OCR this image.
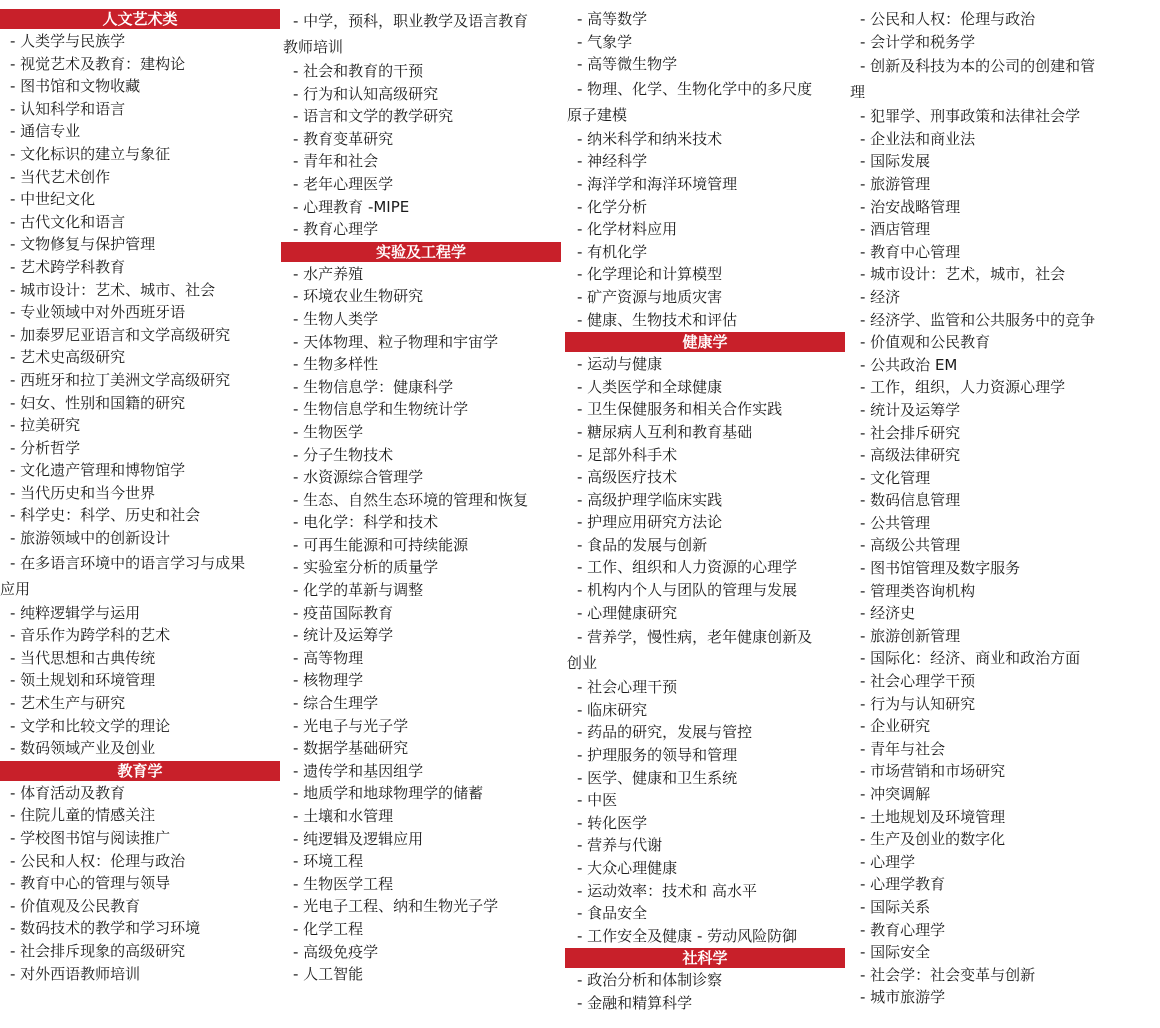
人文艺术类
- 人类学与民族学
- 视觉艺术及教育：建构论
- 图书馆和文物收藏
- 认知科学和语言
- 通信专业
- 文化标识的建立与象征
- 当代艺术创作
- 中世纪文化
- 古代文化和语言
- 文物修复与保护管理
- 艺术跨学科教育
- 城市设计：艺术、城市、社会
- 专业领域中对外西班牙语
- 加泰罗尼亚语言和文学高级研究
- 艺术史高级研究
- 西班牙和拉丁美洲文学高级研究
- 妇女、性别和国籍的研究
- 拉美研究
- 分析哲学
- 文化遗产管理和博物馆学
- 当代历史和当今世界
- 科学史：科学、历史和社会
- 旅游领域中的创新设计
- 在多语言环境中的语言学习与成果
应用
- 纯粹逻辑学与运用
- 音乐作为跨学科的艺术
- 当代思想和古典传统
- 领土规划和环境管理
- 艺术生产与研究
- 文学和比较文学的理论
- 数码领域产业及创业
教育学
- 体育活动及教育
- 住院儿童的情感关注
- 学校图书馆与阅读推广
- 公民和人权：伦理与政治
- 教育中心的管理与领导
- 价值观及公民教育
- 数码技术的教学和学习环境
- 社会排斥现象的高级研究
- 对外西语教师培训
- 中学，预科，职业教学及语言教育
教师培训
- 社会和教育的干预
- 行为和认知高级研究
- 语言和文学的教学研究
- 教育变革研究
- 青年和社会
- 老年心理医学
- 心理教育 -MIPE
- 教育心理学
实验及工程学
- 水产养殖
- 环境农业生物研究
- 生物人类学
- 天体物理、粒子物理和宇宙学
- 生物多样性
- 生物信息学：健康科学
- 生物信息学和生物统计学
- 生物医学
- 分子生物技术
- 水资源综合管理学
- 生态、自然生态环境的管理和恢复
- 电化学：科学和技术
- 可再生能源和可持续能源
- 实验室分析的质量学
- 化学的革新与调整
- 疫苗国际教育
- 统计及运筹学
- 高等物理
- 核物理学
- 综合生理学
- 光电子与光子学
- 数据学基础研究
- 遗传学和基因组学
- 地质学和地球物理学的储蓄
- 土壤和水管理
- 纯逻辑及逻辑应用
- 环境工程
- 生物医学工程
- 光电子工程、纳和生物光子学
- 化学工程
- 高级免疫学
- 人工智能
- 高等数学
- 气象学
- 高等微生物学
- 物理、化学、生物化学中的多尺度
原子建模
- 纳米科学和纳米技术
- 神经科学
- 海洋学和海洋环境管理
- 化学分析
- 化学材料应用
- 有机化学
- 化学理论和计算模型
- 矿产资源与地质灾害
- 健康、生物技术和评估
健康学
- 运动与健康
- 人类医学和全球健康
- 卫生保健服务和相关合作实践
- 糖尿病人互利和教育基础
- 足部外科手术
- 高级医疗技术
- 高级护理学临床实践
- 护理应用研究方法论
- 食品的发展与创新
- 工作、组织和人力资源的心理学
- 机构内个人与团队的管理与发展
- 心理健康研究
- 营养学，慢性病，老年健康创新及
创业
- 社会心理干预
- 临床研究
- 药品的研究，发展与管控
- 护理服务的领导和管理
- 医学、健康和卫生系统
- 中医
- 转化医学
- 营养与代谢
- 大众心理健康
- 运动效率：技术和 高水平
- 食品安全
- 工作安全及健康 - 劳动风险防御
社科学
- 政治分析和体制诊察
- 金融和精算科学
- 公民和人权：伦理与政治
- 会计学和税务学
- 创新及科技为本的公司的创建和管
理
- 犯罪学、刑事政策和法律社会学
- 企业法和商业法
- 国际发展
- 旅游管理
- 治安战略管理
- 酒店管理
- 教育中心管理
- 城市设计：艺术，城市，社会
- 经济
- 经济学、监管和公共服务中的竞争
- 价值观和公民教育
- 公共政治 EM
- 工作，组织，人力资源心理学
- 统计及运筹学
- 社会排斥研究
- 高级法律研究
- 文化管理
- 数码信息管理
- 公共管理
- 高级公共管理
- 图书馆管理及数字服务
- 管理类咨询机构
- 经济史
- 旅游创新管理
- 国际化：经济、商业和政治方面
- 社会心理学干预
- 行为与认知研究
- 企业研究
- 青年与社会
- 市场营销和市场研究
- 冲突调解
- 土地规划及环境管理
- 生产及创业的数字化
- 心理学
- 心理学教育
- 国际关系
- 教育心理学
- 国际安全
- 社会学：社会变革与创新
- 城市旅游学
